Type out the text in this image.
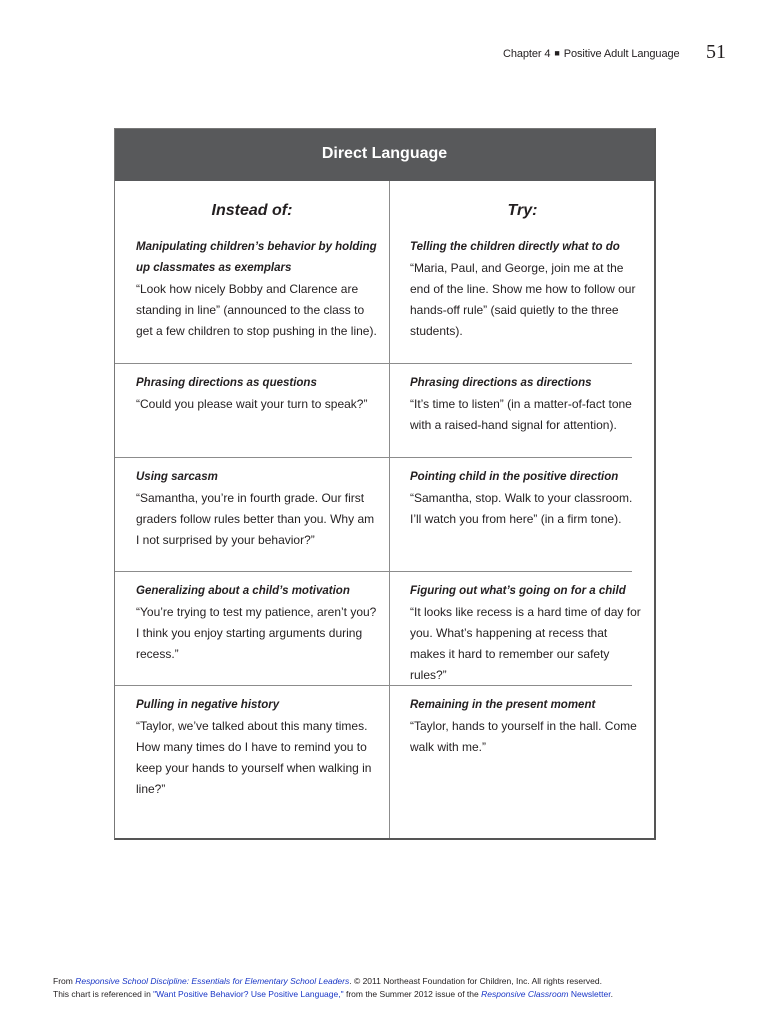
Chapter 4 ■ Positive Adult Language 51
Direct Language
Instead of:	Try:
Manipulating children’s behavior by holding up classmates as exemplars
“Look how nicely Bobby and Clarence are standing in line” (announced to the class to get a few children to stop pushing in the line).
Telling the children directly what to do
“Maria, Paul, and George, join me at the end of the line. Show me how to follow our hands-off rule” (said quietly to the three students).
Phrasing directions as questions
“Could you please wait your turn to speak?”
Phrasing directions as directions
“It’s time to listen” (in a matter-of-fact tone with a raised-hand signal for attention).
Using sarcasm
“Samantha, you’re in fourth grade. Our first graders follow rules better than you. Why am I not surprised by your behavior?”
Pointing child in the positive direction
“Samantha, stop. Walk to your classroom. I’ll watch you from here” (in a firm tone).
Generalizing about a child’s motivation
“You’re trying to test my patience, aren’t you? I think you enjoy starting arguments during recess.”
Figuring out what’s going on for a child
“It looks like recess is a hard time of day for you. What’s happening at recess that makes it hard to remember our safety rules?”
Pulling in negative history
“Taylor, we’ve talked about this many times. How many times do I have to remind you to keep your hands to yourself when walking in line?”
Remaining in the present moment
“Taylor, hands to yourself in the hall. Come walk with me.”
From Responsive School Discipline: Essentials for Elementary School Leaders. © 2011 Northeast Foundation for Children, Inc. All rights reserved.
This chart is referenced in "Want Positive Behavior? Use Positive Language," from the Summer 2012 issue of the Responsive Classroom Newsletter.
